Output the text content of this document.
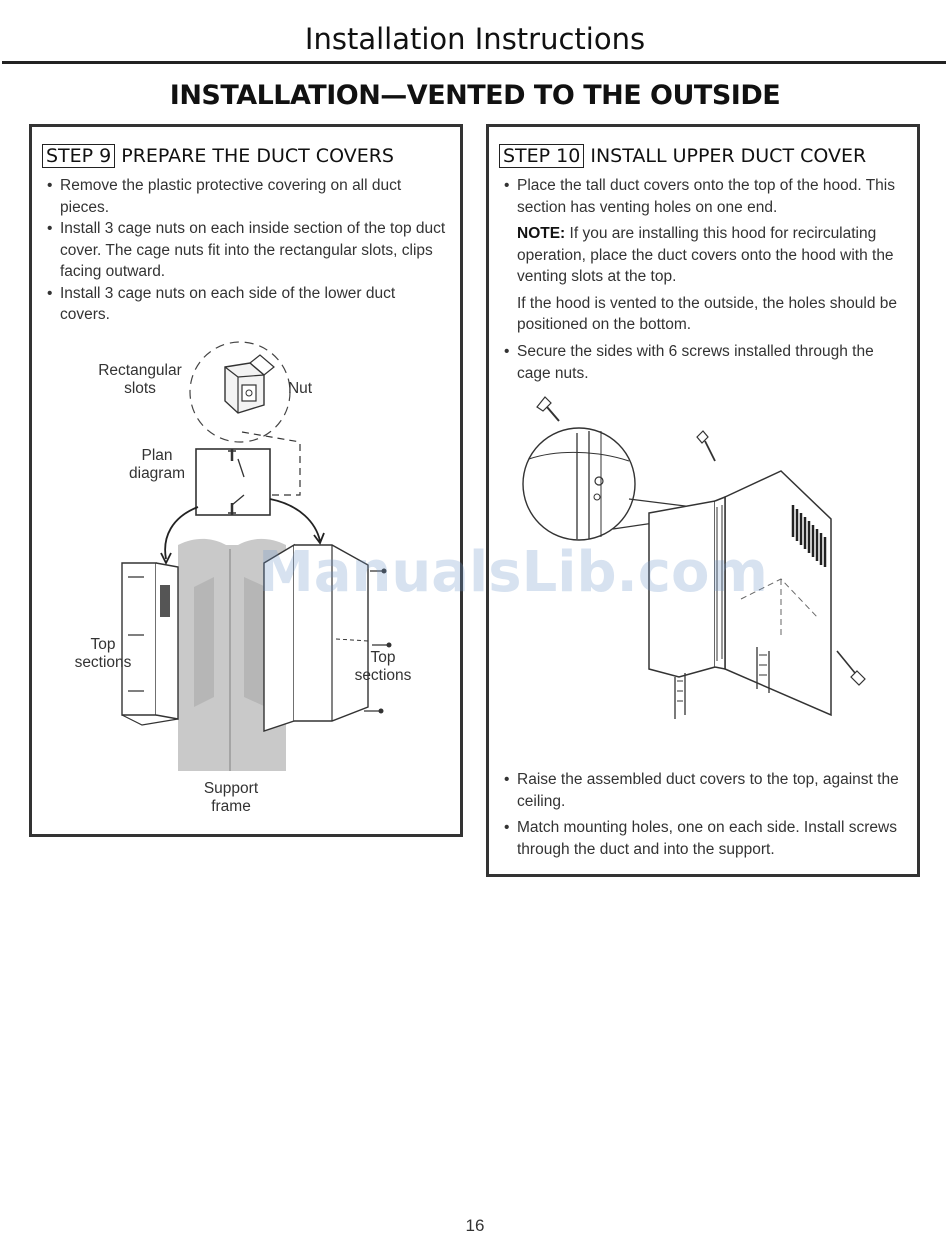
Installation Instructions
INSTALLATION—VENTED TO THE OUTSIDE
STEP 9 PREPARE THE DUCT COVERS
• Remove the plastic protective covering on all duct pieces.
• Install 3 cage nuts on each inside section of the top duct cover. The cage nuts fit into the rectangular slots, clips facing outward.
• Install 3 cage nuts on each side of the lower duct covers.
Rectangular slots	Nut
Plan diagram
Top sections	Top sections
Support frame
STEP 10 INSTALL UPPER DUCT COVER
• Place the tall duct covers onto the top of the hood. This section has venting holes on one end.

NOTE: If you are installing this hood for recirculating operation, place the duct covers onto the hood with the venting slots at the top.

If the hood is vented to the outside, the holes should be positioned on the bottom.

• Secure the sides with 6 screws installed through the cage nuts.
• Raise the assembled duct covers to the top, against the ceiling.
• Match mounting holes, one on each side. Install screws through the duct and into the support.
ManualsLib.com
16
